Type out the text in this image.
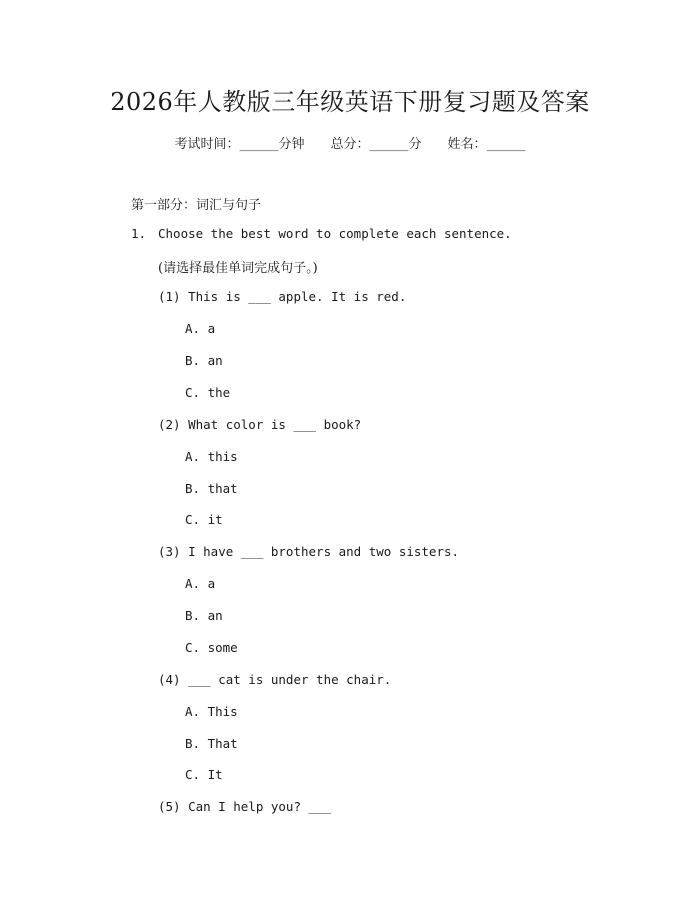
2026年人教版三年级英语下册复习题及答案
考试时间：______分钟 总分：______分 姓名：______
第一部分：词汇与句子
1. Choose the best word to complete each sentence.
(请选择最佳单词完成句子。)
(1) This is ___ apple. It is red.
A. a
B. an
C. the
(2) What color is ___ book?
A. this
B. that
C. it
(3) I have ___ brothers and two sisters.
A. a
B. an
C. some
(4) ___ cat is under the chair.
A. This
B. That
C. It
(5) Can I help you? ___
